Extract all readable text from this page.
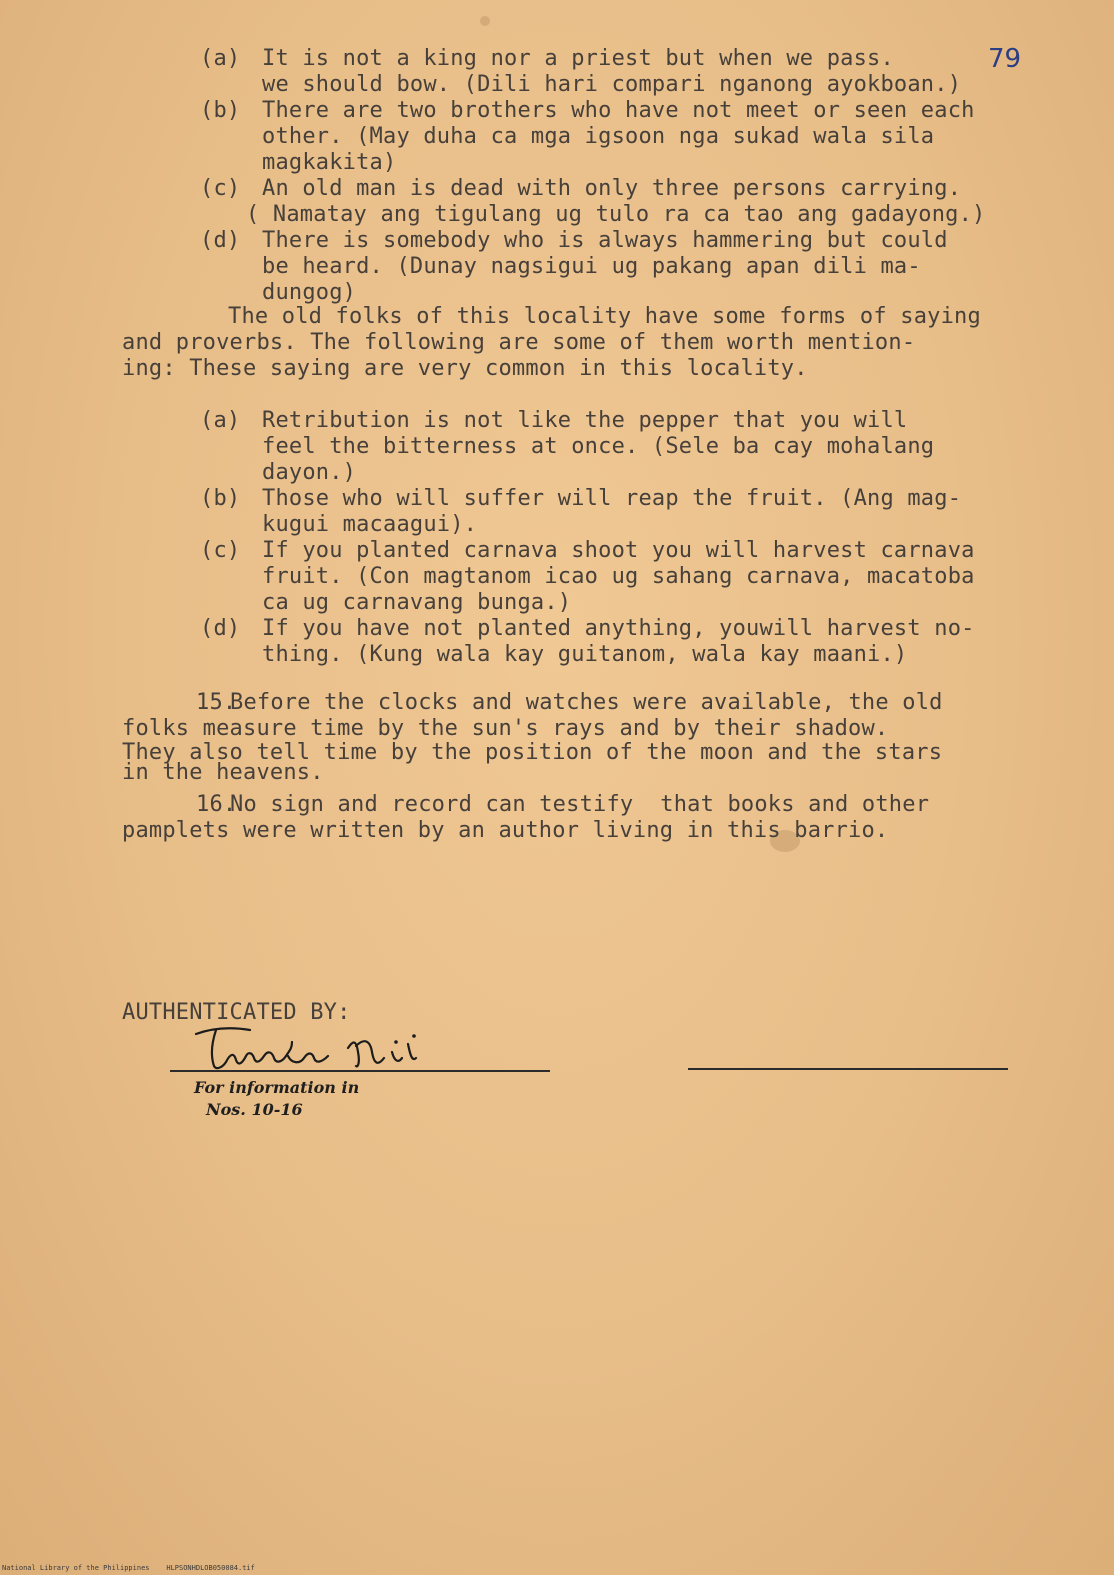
79
(a) It is not a king nor a priest but when we pass.
we should bow. (Dili hari compari nganong ayokboan.)
(b) There are two brothers who have not meet or seen each
other. (May duha ca mga igsoon nga sukad wala sila
magkakita)
(c) An old man is dead with only three persons carrying.
( Namatay ang tigulang ug tulo ra ca tao ang gadayong.)
(d) There is somebody who is always hammering but could
be heard. (Dunay nagsigui ug pakang apan dili ma-
dungog)
The old folks of this locality have some forms of saying
and proverbs. The following are some of them worth mention-
ing: These saying are very common in this locality.
(a) Retribution is not like the pepper that you will
feel the bitterness at once. (Sele ba cay mohalang
dayon.)
(b) Those who will suffer will reap the fruit. (Ang mag-
kugui macaagui).
(c) If you planted carnava shoot you will harvest carnava
fruit. (Con magtanom icao ug sahang carnava, macatoba
ca ug carnavang bunga.)
(d) If you have not planted anything, youwill harvest no-
thing. (Kung wala kay guitanom, wala kay maani.)
15.
Before the clocks and watches were available, the old
folks measure time by the sun's rays and by their shadow.
They also tell time by the position of the moon and the stars
in the heavens.
16.
No sign and record can testify  that books and other
pamplets were written by an author living in this barrio.
AUTHENTICATED BY:
For information in
Nos. 10-16
National Library of the Philippines    HLPSONHDLOB050084.tif
